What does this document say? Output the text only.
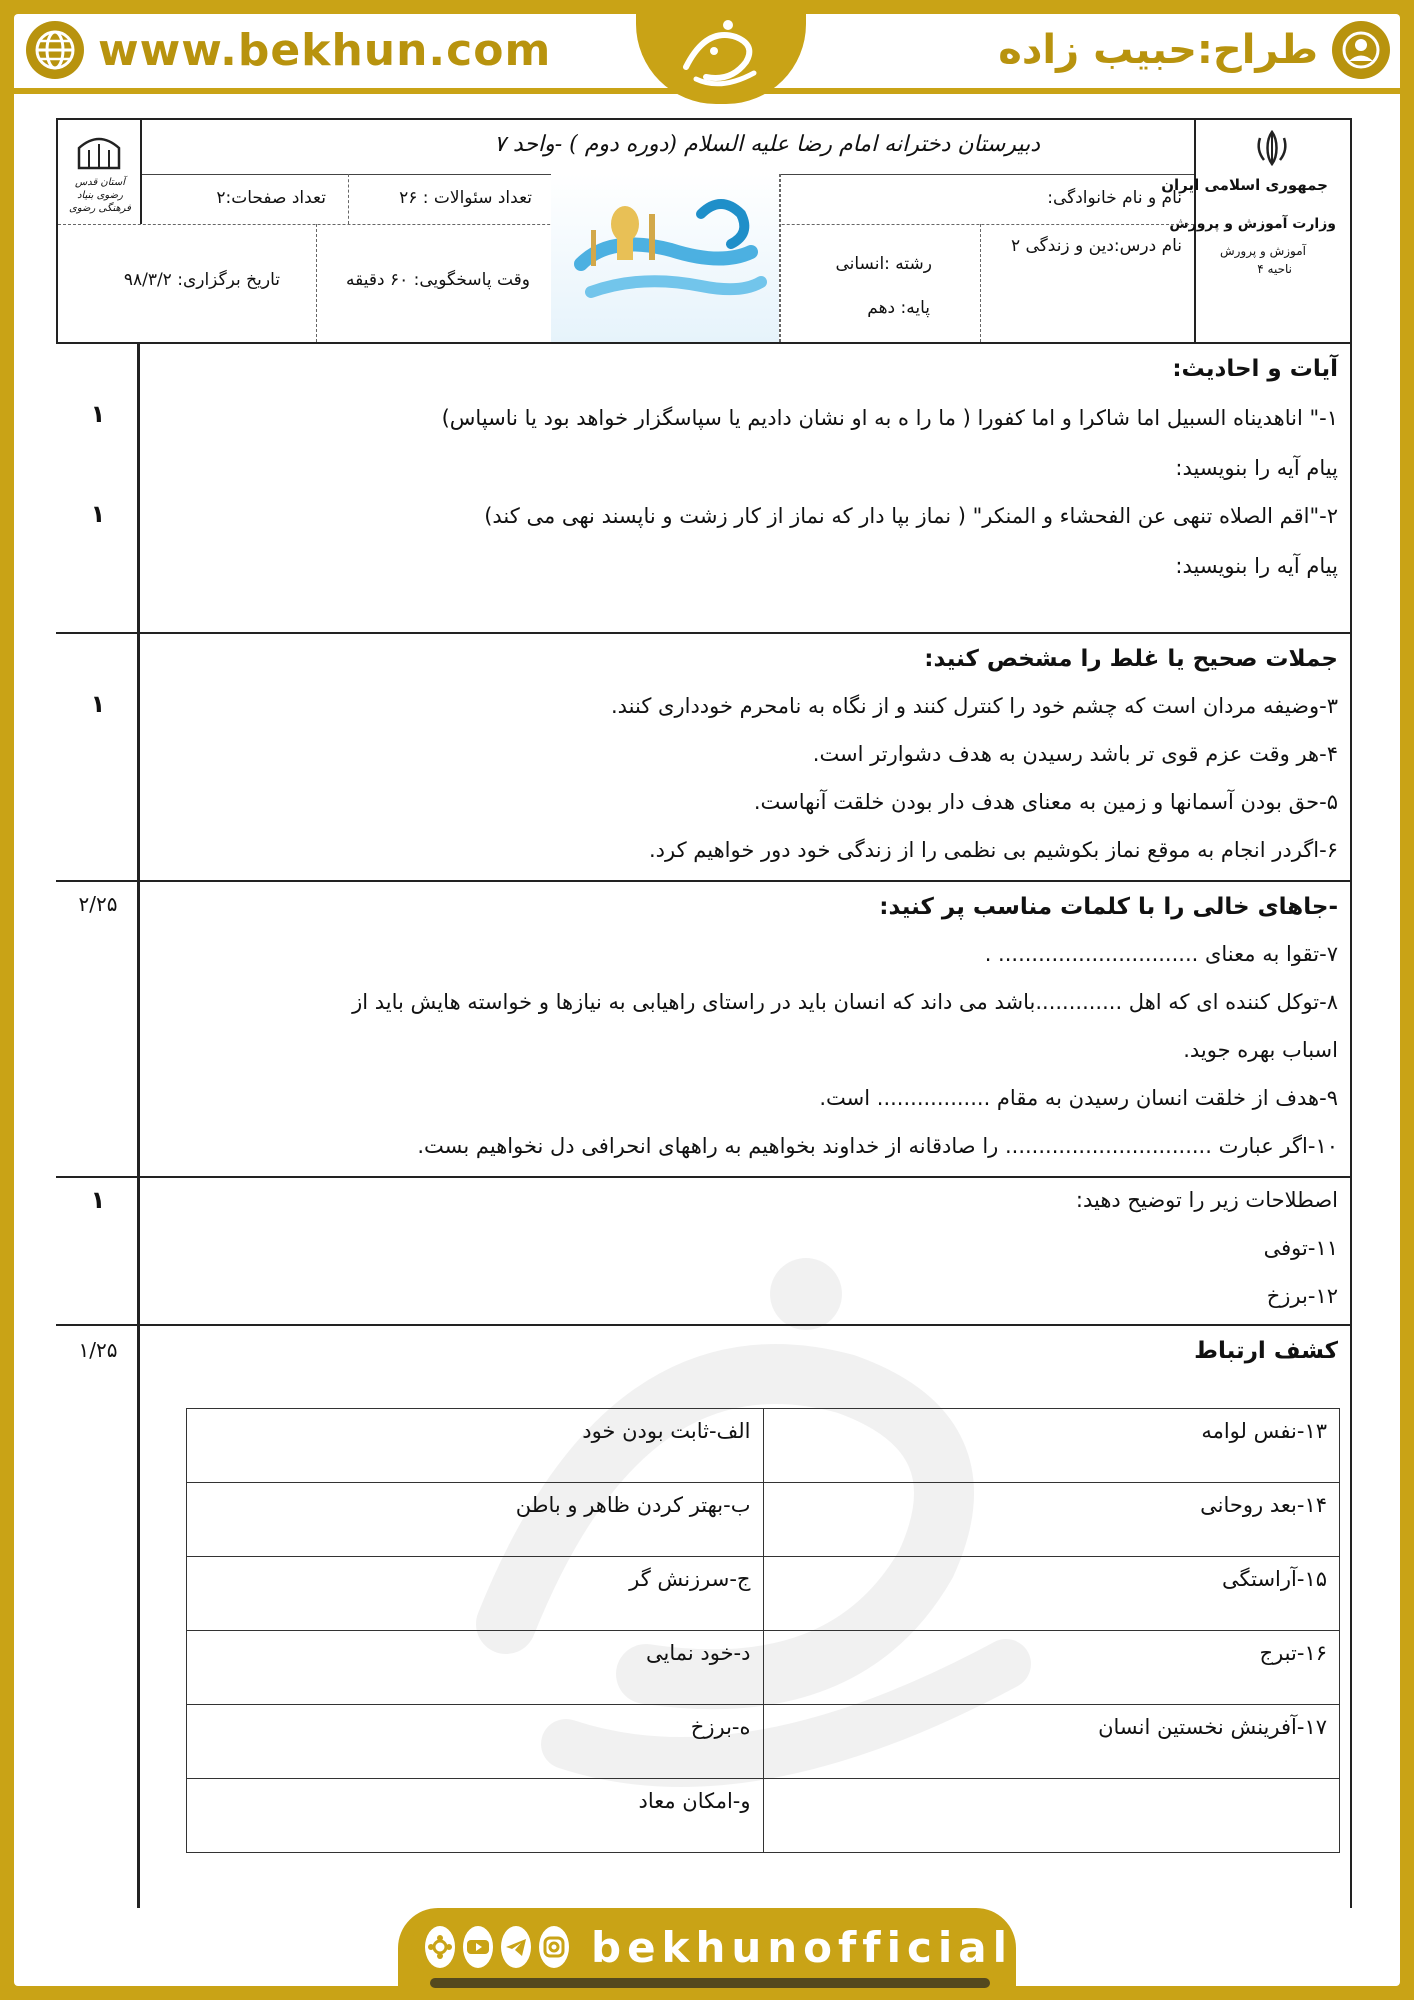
www.bekhun.com	طراح:حبیب زاده
جمهوری اسلامی ایران
وزارت آموزش و پرورش
آموزش و پرورش
ناحیه ۴
آستان قدس رضوی بنیاد فرهنگی رضوی
دبیرستان دخترانه امام رضا علیه السلام (دوره دوم ) -واحد ۷
نام و نام خانوادگی:
تعداد سئوالات : ۲۶
تعداد صفحات:۲
نام درس:دین و زندگی ۲
رشته :انسانی
پایه: دهم
وقت پاسخگویی: ۶۰ دقیقه
تاریخ برگزاری: ۹۸/۳/۲
آیات و احادیث:
۱-" اناهدیناه السبیل اما شاکرا و اما کفورا ( ما را ه به او نشان دادیم یا سپاسگزار خواهد بود یا ناسپاس)
پیام آیه را بنویسید:
۲-"اقم الصلاه تنهی عن الفحشاء و المنکر" ( نماز بپا دار که نماز از کار زشت و ناپسند نهی می کند)
پیام آیه را بنویسید:
۱
۱
جملات صحیح یا غلط را مشخص کنید:
۳-وضیفه مردان است که چشم خود را کنترل کنند و از نگاه به نامحرم خودداری کنند.
۴-هر وقت عزم قوی تر باشد رسیدن به هدف دشوارتر است.
۵-حق بودن آسمانها و زمین به معنای هدف دار بودن خلقت آنهاست.
۶-اگردر انجام به موقع نماز بکوشیم بی نظمی را از زندگی خود دور خواهیم کرد.
۱
-جاهای خالی را با کلمات مناسب پر کنید:
۷-تقوا به معنای .............................. .
۸-توکل کننده ای که اهل .............باشد می داند که انسان باید در راستای راهیابی به نیازها و خواسته هایش باید از
اسباب بهره جوید.
۹-هدف از خلقت انسان رسیدن به مقام ................. است.
۱۰-اگر عبارت ............................... را صادقانه از خداوند بخواهیم به راههای انحرافی دل نخواهیم بست.
۲/۲۵
اصطلاحات زیر را توضیح دهید:
۱۱-توفی
۱۲-برزخ
۱
کشف ارتباط
۱/۲۵
۱۳-نفس لوامه	الف-ثابت بودن خود
۱۴-بعد روحانی	ب-بهتر کردن ظاهر و باطن
۱۵-آراستگی	ج-سرزنش گر
۱۶-تبرج	د-خود نمایی
۱۷-آفرینش نخستین انسان	ه-برزخ
	و-امکان معاد
bekhunofficial
